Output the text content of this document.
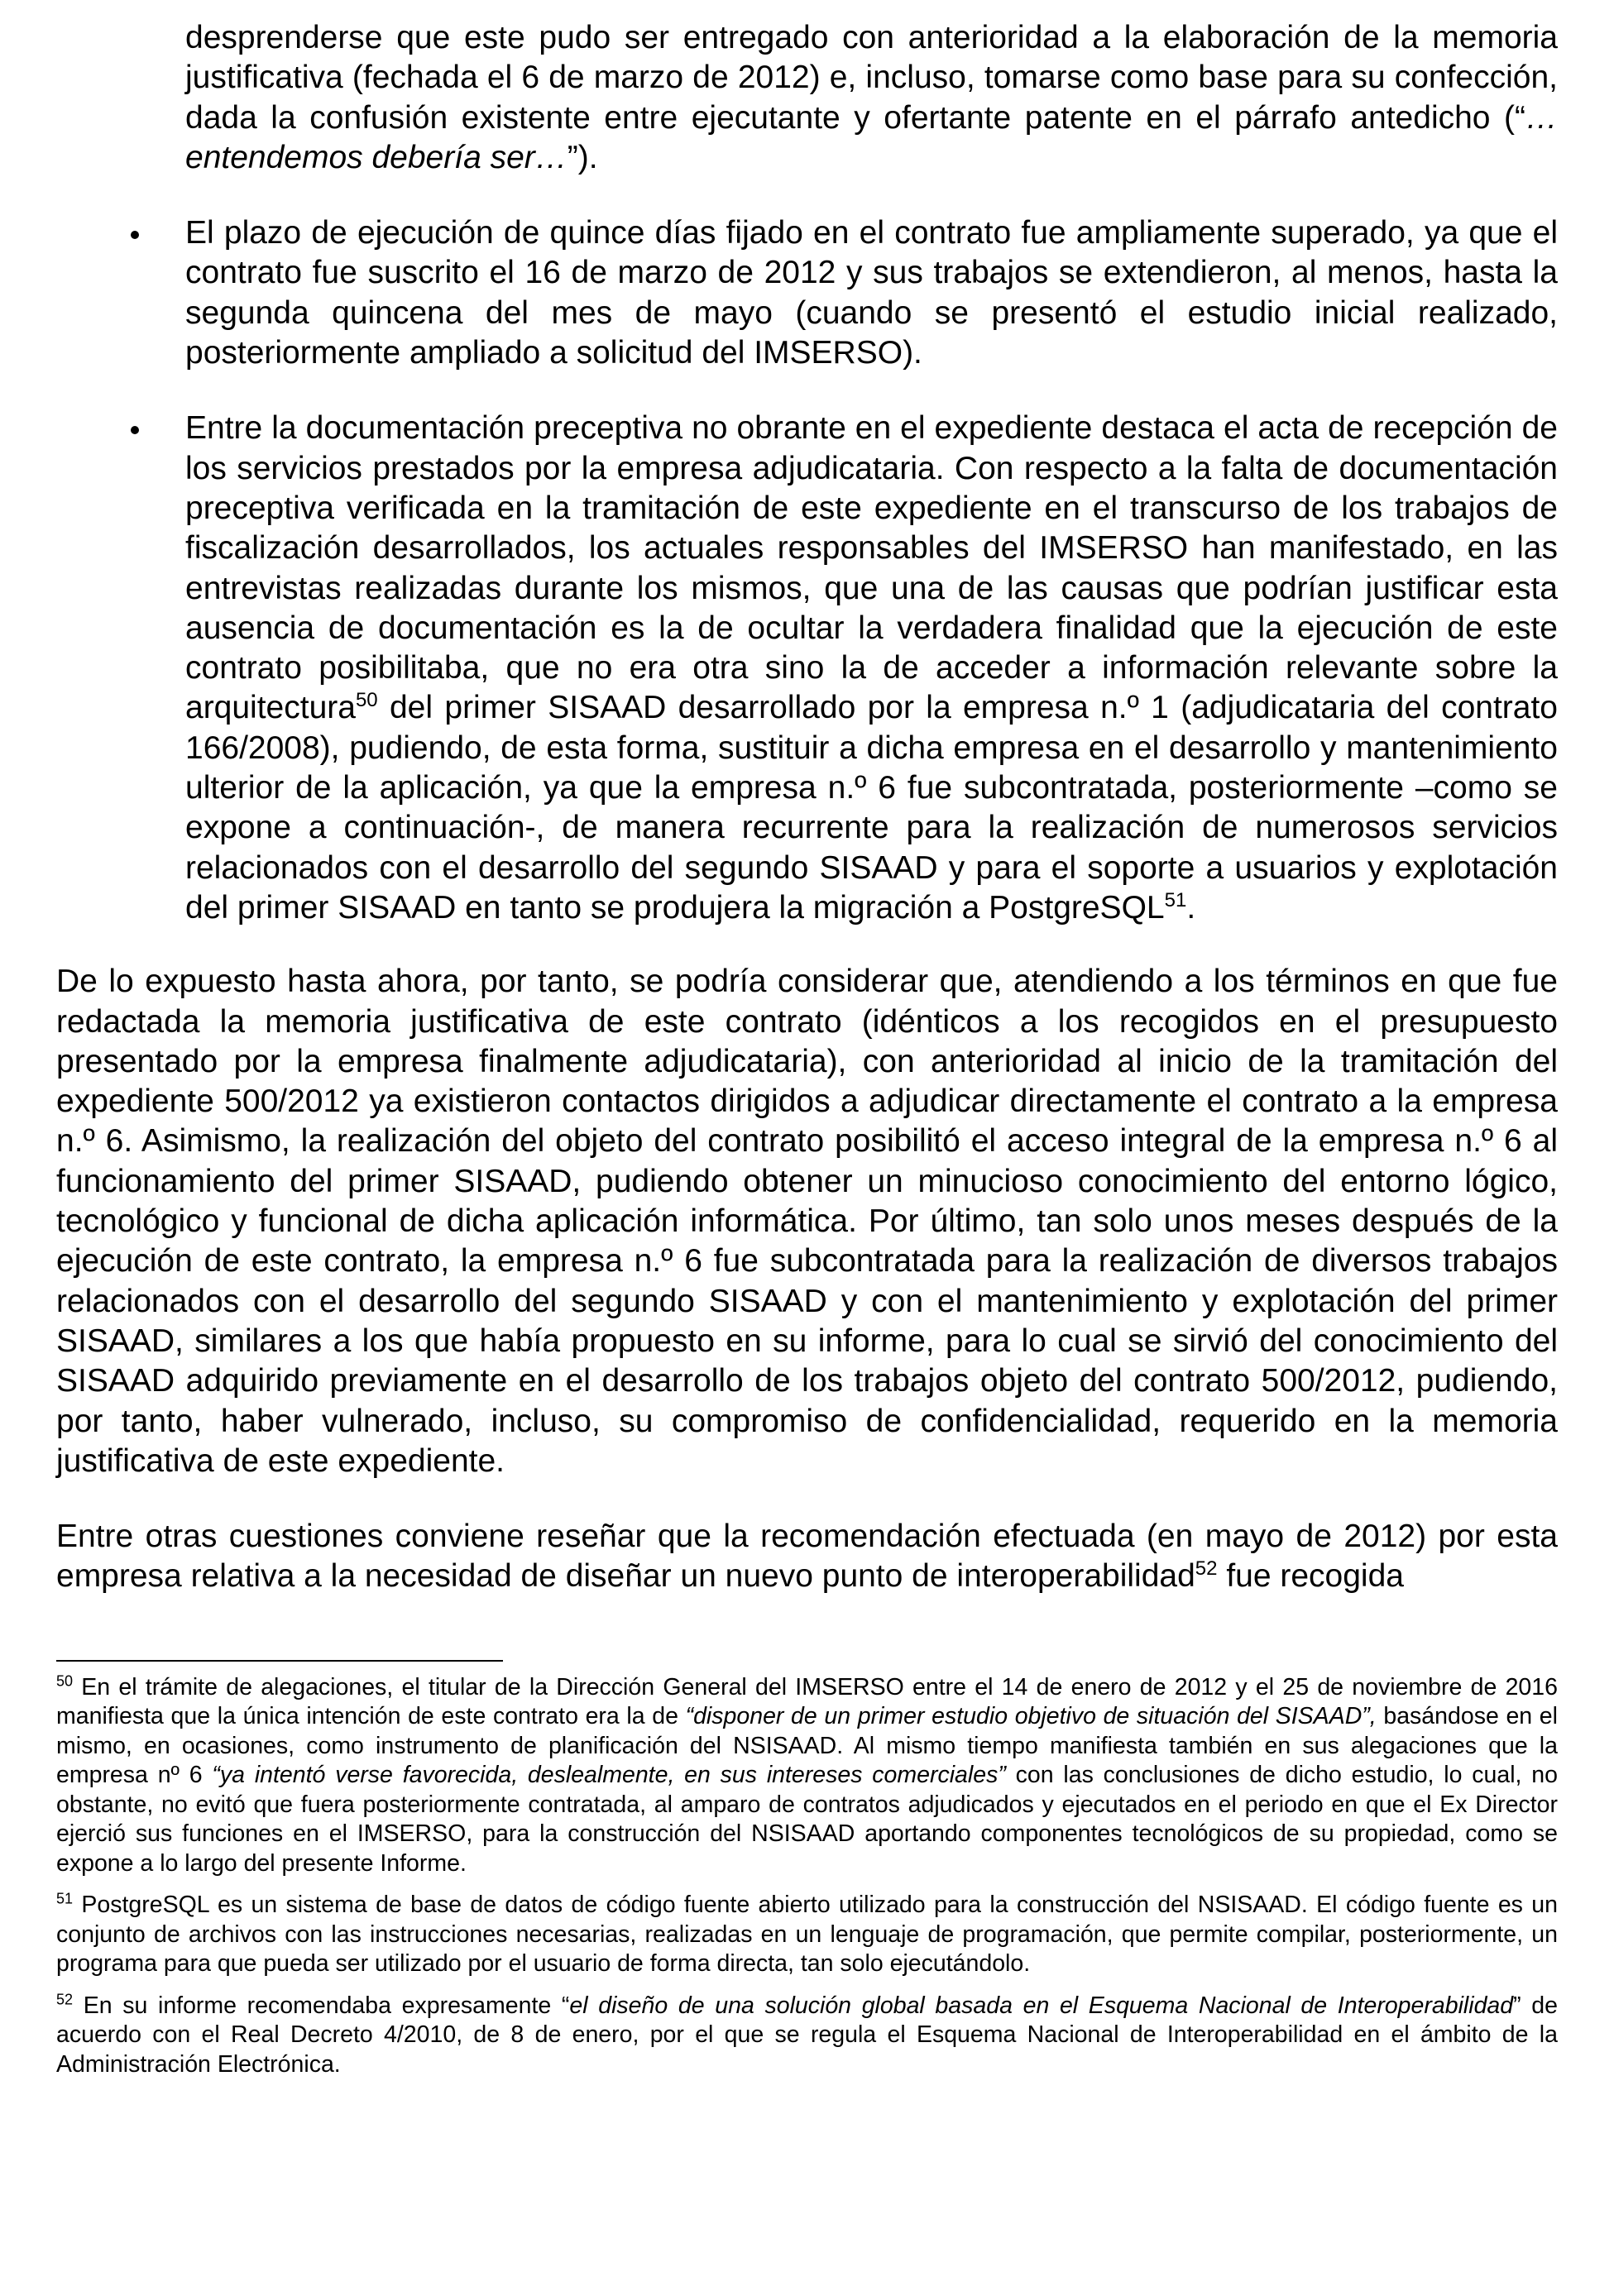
desprenderse que este pudo ser entregado con anterioridad a la elaboración de la memoria justificativa (fechada el 6 de marzo de 2012) e, incluso, tomarse como base para su confección, dada la confusión existente entre ejecutante y ofertante patente en el párrafo antedicho (“… entendemos debería ser…”).

El plazo de ejecución de quince días fijado en el contrato fue ampliamente superado, ya que el contrato fue suscrito el 16 de marzo de 2012 y sus trabajos se extendieron, al menos, hasta la segunda quincena del mes de mayo (cuando se presentó el estudio inicial realizado, posteriormente ampliado a solicitud del IMSERSO).
Entre la documentación preceptiva no obrante en el expediente destaca el acta de recepción de los servicios prestados por la empresa adjudicataria. Con respecto a la falta de documentación preceptiva verificada en la tramitación de este expediente en el transcurso de los trabajos de fiscalización desarrollados, los actuales responsables del IMSERSO han manifestado, en las entrevistas realizadas durante los mismos, que una de las causas que podrían justificar esta ausencia de documentación es la de ocultar la verdadera finalidad que la ejecución de este contrato posibilitaba, que no era otra sino la de acceder a información relevante sobre la arquitectura$^{50}$ del primer SISAAD desarrollado por la empresa n.º 1 (adjudicataria del contrato 166/2008), pudiendo, de esta forma, sustituir a dicha empresa en el desarrollo y mantenimiento ulterior de la aplicación, ya que la empresa n.º 6 fue subcontratada, posteriormente –como se expone a continuación-, de manera recurrente para la realización de numerosos servicios relacionados con el desarrollo del segundo SISAAD y para el soporte a usuarios y explotación del primer SISAAD en tanto se produjera la migración a PostgreSQL$^{51}$.

De lo expuesto hasta ahora, por tanto, se podría considerar que, atendiendo a los términos en que fue redactada la memoria justificativa de este contrato (idénticos a los recogidos en el presupuesto presentado por la empresa finalmente adjudicataria), con anterioridad al inicio de la tramitación del expediente 500/2012 ya existieron contactos dirigidos a adjudicar directamente el contrato a la empresa n.º 6. Asimismo, la realización del objeto del contrato posibilitó el acceso integral de la empresa n.º 6 al funcionamiento del primer SISAAD, pudiendo obtener un minucioso conocimiento del entorno lógico, tecnológico y funcional de dicha aplicación informática. Por último, tan solo unos meses después de la ejecución de este contrato, la empresa n.º 6 fue subcontratada para la realización de diversos trabajos relacionados con el desarrollo del segundo SISAAD y con el mantenimiento y explotación del primer SISAAD, similares a los que había propuesto en su informe, para lo cual se sirvió del conocimiento del SISAAD adquirido previamente en el desarrollo de los trabajos objeto del contrato 500/2012, pudiendo, por tanto, haber vulnerado, incluso, su compromiso de confidencialidad, requerido en la memoria justificativa de este expediente.

Entre otras cuestiones conviene reseñar que la recomendación efectuada (en mayo de 2012) por esta empresa relativa a la necesidad de diseñar un nuevo punto de interoperabilidad$^{52}$ fue recogida

$^{50}$ En el trámite de alegaciones, el titular de la Dirección General del IMSERSO entre el 14 de enero de 2012 y el 25 de noviembre de 2016 manifiesta que la única intención de este contrato era la de “disponer de un primer estudio objetivo de situación del SISAAD”, basándose en el mismo, en ocasiones, como instrumento de planificación del NSISAAD. Al mismo tiempo manifiesta también en sus alegaciones que la empresa nº 6 “ya intentó verse favorecida, deslealmente, en sus intereses comerciales” con las conclusiones de dicho estudio, lo cual, no obstante, no evitó que fuera posteriormente contratada, al amparo de contratos adjudicados y ejecutados en el periodo en que el Ex Director ejerció sus funciones en el IMSERSO, para la construcción del NSISAAD aportando componentes tecnológicos de su propiedad, como se expone a lo largo del presente Informe.

$^{51}$ PostgreSQL es un sistema de base de datos de código fuente abierto utilizado para la construcción del NSISAAD. El código fuente es un conjunto de archivos con las instrucciones necesarias, realizadas en un lenguaje de programación, que permite compilar, posteriormente, un programa para que pueda ser utilizado por el usuario de forma directa, tan solo ejecutándolo.

$^{52}$ En su informe recomendaba expresamente “el diseño de una solución global basada en el Esquema Nacional de Interoperabilidad” de acuerdo con el Real Decreto 4/2010, de 8 de enero, por el que se regula el Esquema Nacional de Interoperabilidad en el ámbito de la Administración Electrónica.
